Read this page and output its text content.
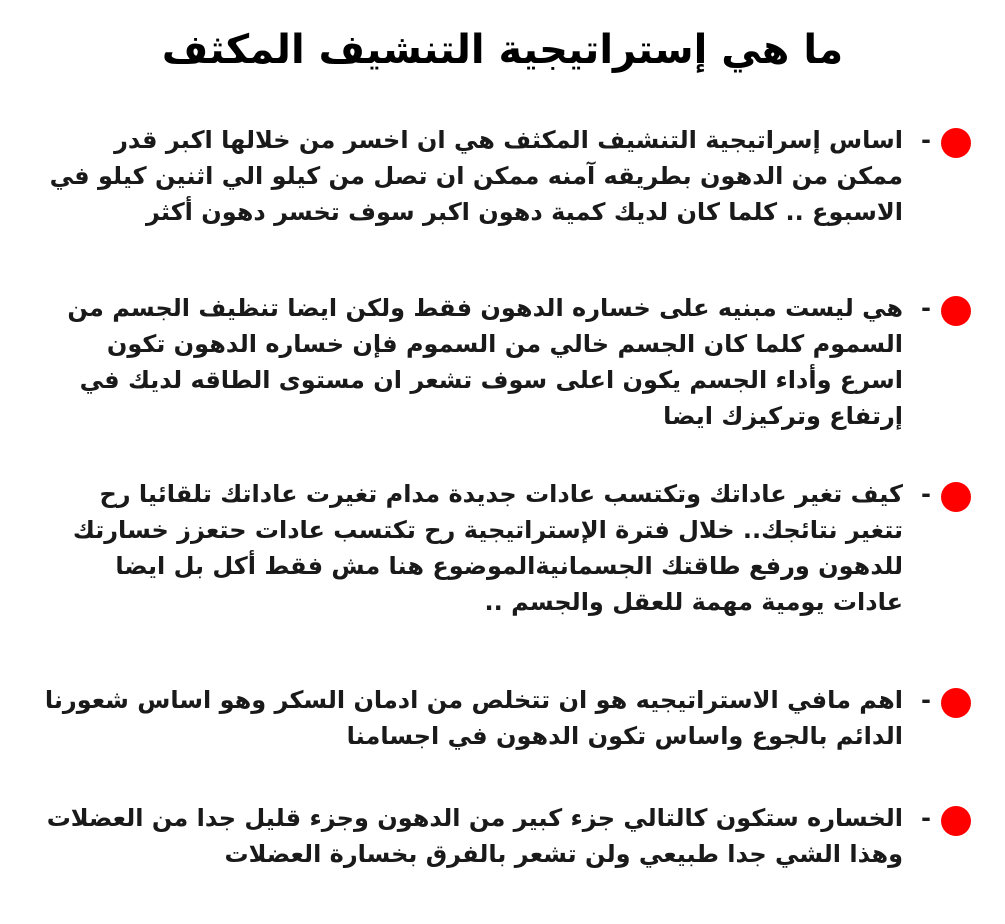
ما هي إستراتيجية التنشيف المكثف
-

اساس إسراتيجية التنشيف المكثف هي ان اخسر من خلالها اكبر قدر ممكن من الدهون بطريقه آمنه ممكن ان تصل من كيلو الي اثنين كيلو في الاسبوع .. كلما كان لديك كمية دهون اكبر سوف تخسر دهون أكثر

-

هي ليست مبنيه على خساره الدهون فقط ولكن ايضا تنظيف الجسم من السموم كلما كان الجسم خالي من السموم فإن خساره الدهون تكون اسرع وأداء الجسم يكون اعلى سوف تشعر ان مستوى الطاقه لديك في إرتفاع وتركيزك ايضا

-

كيف تغير عاداتك وتكتسب عادات جديدة مدام تغيرت عاداتك تلقائيا رح تتغير نتائجك.. خلال فترة الإستراتيجية رح تكتسب عادات حتعزز خسارتك للدهون ورفع طاقتك الجسمانيةالموضوع هنا مش فقط أكل بل ايضا عادات يومية مهمة للعقل والجسم ..

-

اهم مافي الاستراتيجيه هو ان تتخلص من ادمان السكر وهو اساس شعورنا الدائم بالجوع واساس تكون الدهون في اجسامنا

-

الخساره ستكون كالتالي جزء كبير من الدهون وجزء قليل جدا من العضلات وهذا الشي جدا طبيعي ولن تشعر بالفرق بخسارة العضلات
